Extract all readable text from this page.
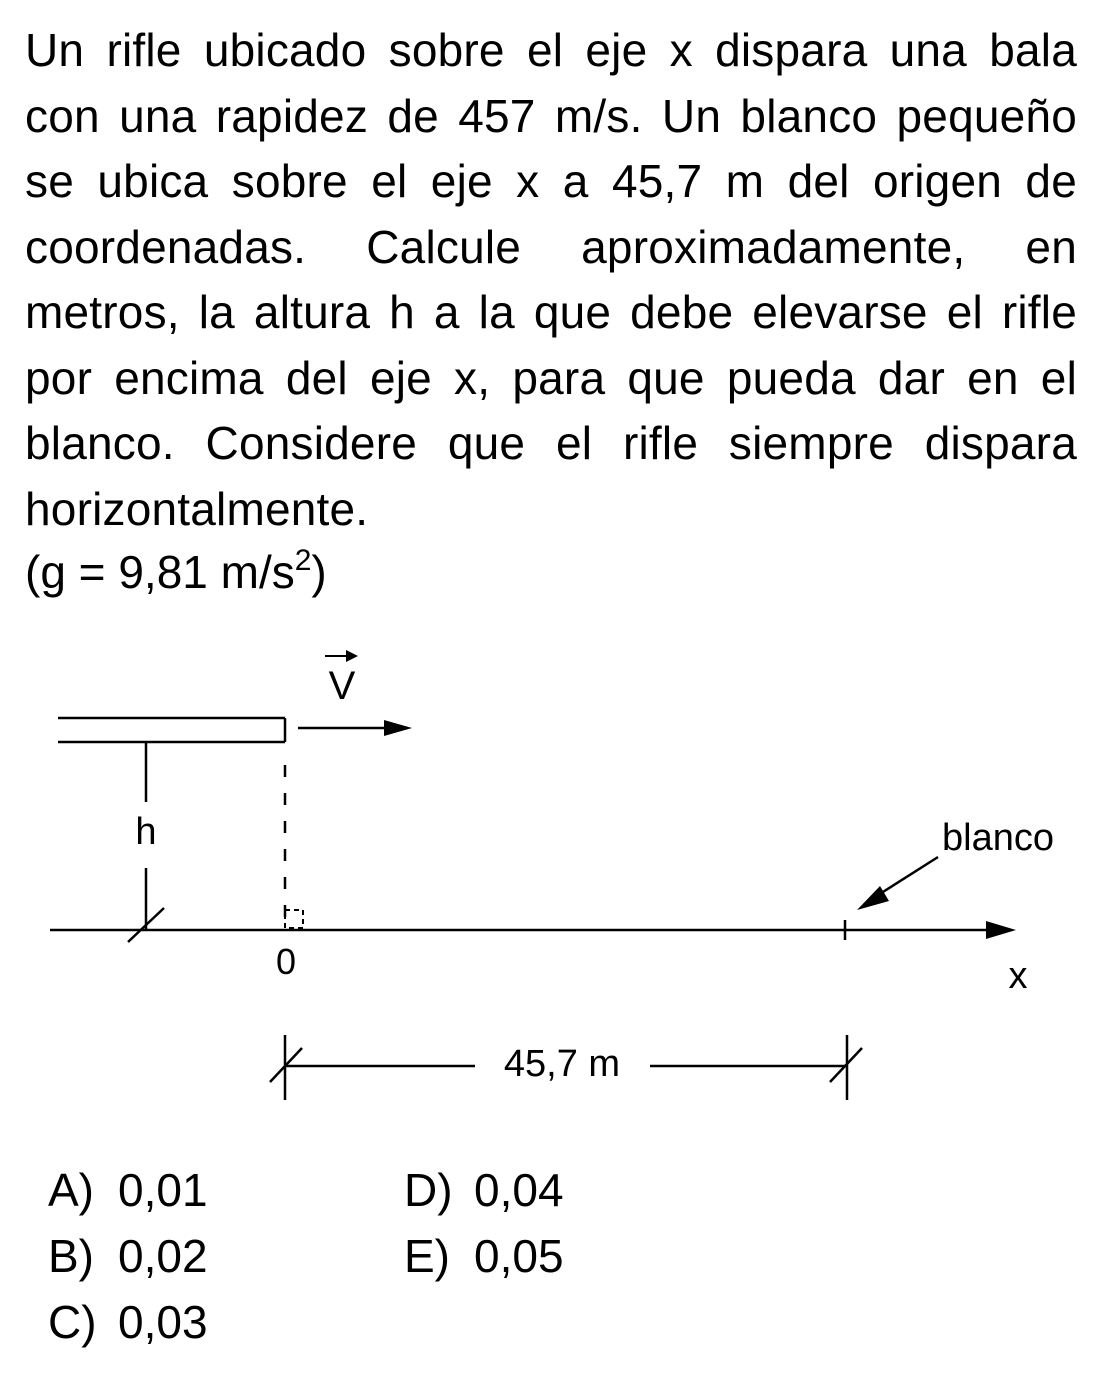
Un rifle ubicado sobre el eje x dispara una bala con una rapidez de 457 m/s. Un blanco pequeño se ubica sobre el eje x a 45,7 m del origen de coordenadas. Calcule aproximadamente, en metros, la altura h a la que debe elevarse el rifle por encima del eje x, para que pueda dar en el blanco. Considere que el rifle siempre dispara horizontalmente.

(g = 9,81 $m/s^2$)
V
h	blanco
0	x
45,7 m
A) 0,01
B) 0,02
C) 0,03
D) 0,04
E) 0,05
